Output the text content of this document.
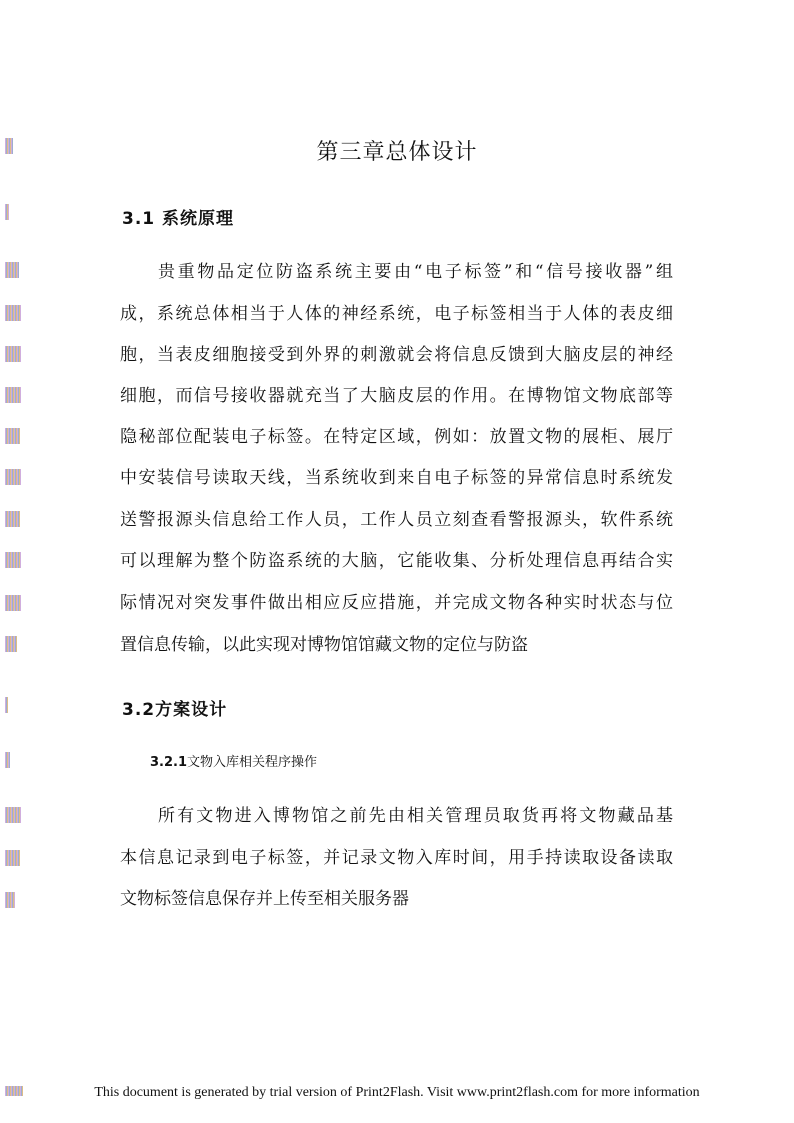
第三章总体设计
3.1 系统原理
贵重物品定位防盗系统主要由“电子标签”和“信号接收器”组
成，系统总体相当于人体的神经系统，电子标签相当于人体的表皮细
胞，当表皮细胞接受到外界的刺激就会将信息反馈到大脑皮层的神经
细胞，而信号接收器就充当了大脑皮层的作用。在博物馆文物底部等
隐秘部位配装电子标签。在特定区域，例如：放置文物的展柜、展厅
中安装信号读取天线，当系统收到来自电子标签的异常信息时系统发
送警报源头信息给工作人员，工作人员立刻查看警报源头，软件系统
可以理解为整个防盗系统的大脑，它能收集、分析处理信息再结合实
际情况对突发事件做出相应反应措施，并完成文物各种实时状态与位
置信息传输，以此实现对博物馆馆藏文物的定位与防盗
3.2方案设计
3.2.1文物入库相关程序操作
所有文物进入博物馆之前先由相关管理员取货再将文物藏品基
本信息记录到电子标签，并记录文物入库时间，用手持读取设备读取
文物标签信息保存并上传至相关服务器

This document is generated by trial version of Print2Flash. Visit www.print2flash.com for more information
